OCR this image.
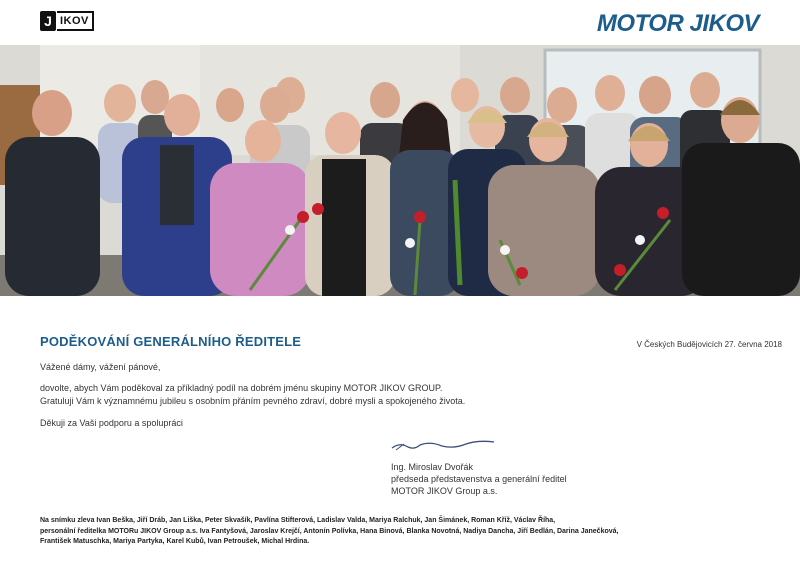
J IKOV	MOTOR JIKOV
PODĚKOVÁNÍ GENERÁLNÍHO ŘEDITELE	V Českých Budějovicích 27. června 2018
Vážené dámy, vážení pánové,
dovolte, abych Vám poděkoval za příkladný podíl na dobrém jménu skupiny MOTOR JIKOV GROUP.
Gratuluji Vám k významnému jubileu s osobním přáním pevného zdraví, dobré mysli a spokojeného života.
Děkuji za Vaši podporu a spolupráci
Ing. Miroslav Dvořák
předseda představenstva a generální ředitel
MOTOR JIKOV Group a.s.
Na snímku zleva Ivan Beška, Jiří Dráb, Jan Liška, Peter Skvašík, Pavlína Stifterová, Ladislav Valda, Mariya Ralchuk, Jan Šimánek, Roman Kříž, Václav Říha,
personální ředitelka MOTORu JIKOV Group a.s. Iva Fantyšová, Jaroslav Krejčí, Antonín Polívka, Hana Binová, Blanka Novotná, Nadiya Dancha, Jiří Bedlán, Darina Janečková,
František Matuschka, Mariya Partyka, Karel Kubů, Ivan Petroušek, Michal Hrdina.
